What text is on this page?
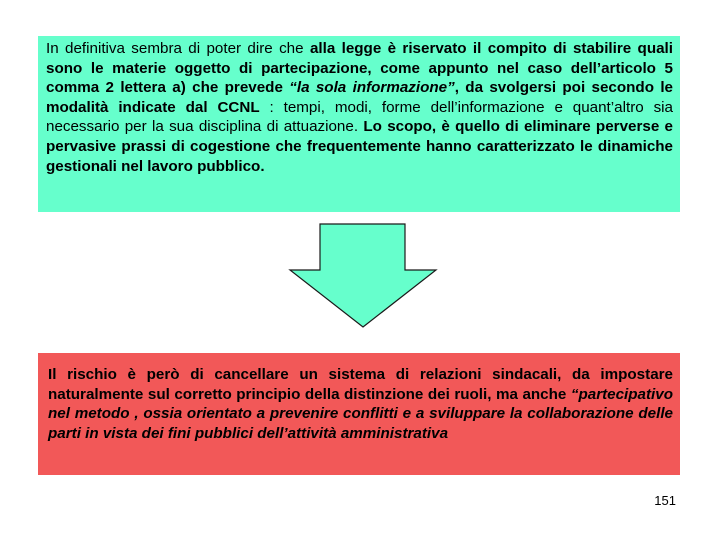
In definitiva sembra di poter dire che alla legge è riservato il compito di stabilire quali sono le materie oggetto di partecipazione, come appunto nel caso dell’articolo 5 comma 2 lettera a) che prevede “la sola informazione”, da svolgersi poi secondo le modalità indicate dal CCNL : tempi, modi, forme dell’informazione e quant’altro sia necessario per la sua disciplina di attuazione. Lo scopo, è quello di eliminare perverse e pervasive prassi di cogestione che frequentemente hanno caratterizzato le dinamiche gestionali nel lavoro pubblico.
Il rischio è però di cancellare un sistema di relazioni sindacali, da impostare naturalmente sul corretto principio della distinzione dei ruoli, ma anche “partecipativo nel metodo , ossia orientato a prevenire conflitti e a sviluppare la collaborazione delle parti in vista dei fini pubblici dell’attività amministrativa
151
